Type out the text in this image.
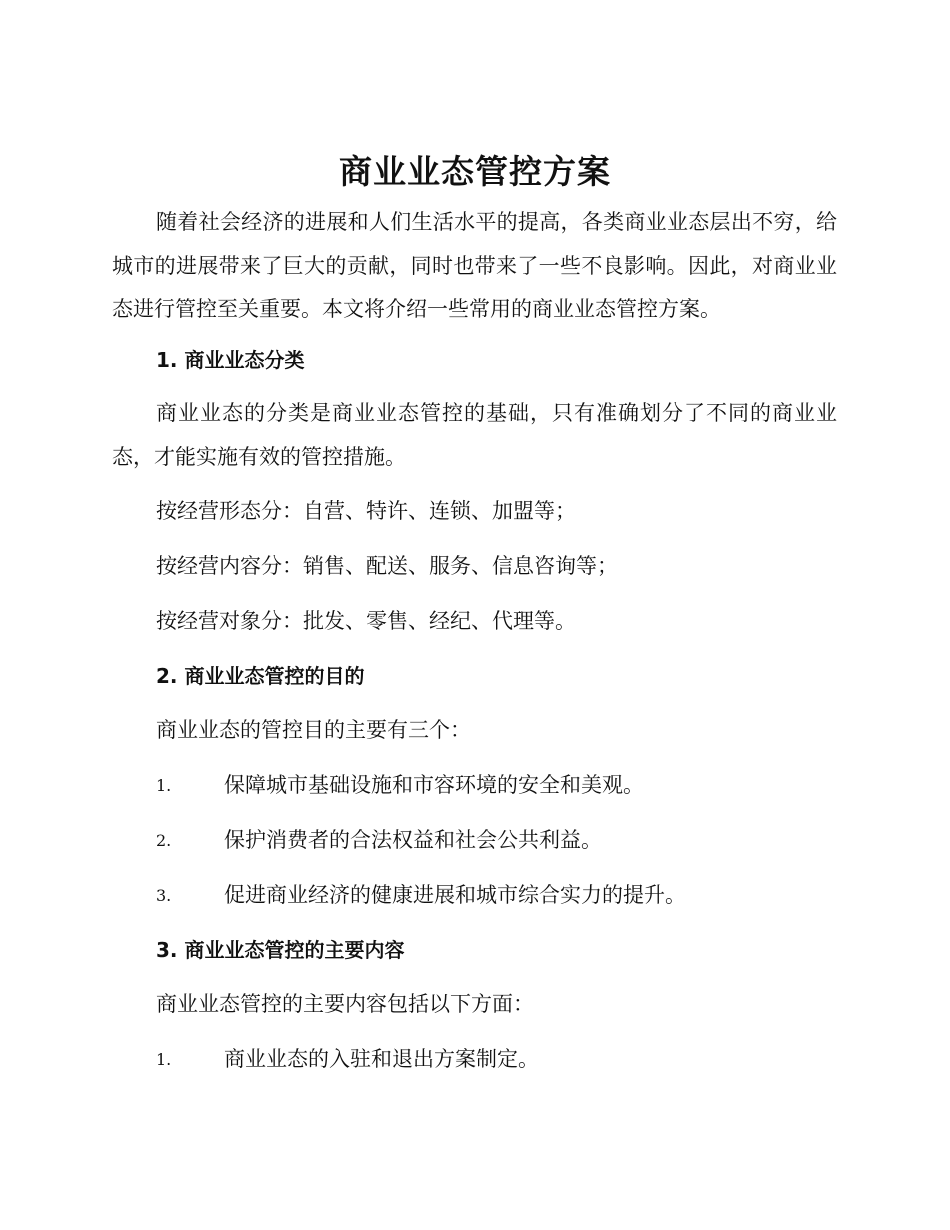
商业业态管控方案

随着社会经济的进展和人们生活水平的提高，各类商业业态层出不穷，给城市的进展带来了巨大的贡献，同时也带来了一些不良影响。因此，对商业业态进行管控至关重要。本文将介绍一些常用的商业业态管控方案。

1. 商业业态分类

商业业态的分类是商业业态管控的基础，只有准确划分了不同的商业业态，才能实施有效的管控措施。

按经营形态分：自营、特许、连锁、加盟等；
按经营内容分：销售、配送、服务、信息咨询等；
按经营对象分：批发、零售、经纪、代理等。
2. 商业业态管控的目的
商业业态的管控目的主要有三个：
1.	保障城市基础设施和市容环境的安全和美观。
2.	保护消费者的合法权益和社会公共利益。
3.	促进商业经济的健康进展和城市综合实力的提升。
3. 商业业态管控的主要内容
商业业态管控的主要内容包括以下方面：
1.	商业业态的入驻和退出方案制定。
